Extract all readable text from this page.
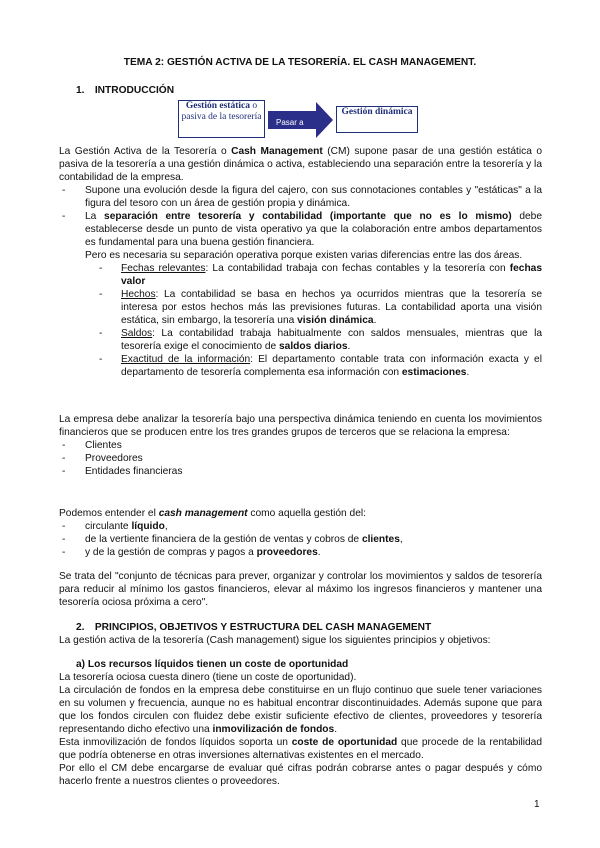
TEMA 2: GESTIÓN ACTIVA DE LA TESORERÍA. EL CASH MANAGEMENT.
1. INTRODUCCIÓN
Gestión estática o pasiva de la tesorería
Pasar a
Gestión dinámica

La Gestión Activa de la Tesorería o Cash Management (CM) supone pasar de una gestión estática o pasiva de la tesorería a una gestión dinámica o activa, estableciendo una separación entre la tesorería y la contabilidad de la empresa.

- Supone una evolución desde la figura del cajero, con sus connotaciones contables y "estáticas" a la figura del tesoro con un área de gestión propia y dinámica.
- La separación entre tesorería y contabilidad (importante que no es lo mismo) debe establecerse desde un punto de vista operativo ya que la colaboración entre ambos departamentos es fundamental para una buena gestión financiera.
Pero es necesaria su separación operativa porque existen varias diferencias entre las dos áreas.
- Fechas relevantes: La contabilidad trabaja con fechas contables y la tesorería con fechas valor
- Hechos: La contabilidad se basa en hechos ya ocurridos mientras que la tesorería se interesa por estos hechos más las previsiones futuras. La contabilidad aporta una visión estática, sin embargo, la tesorería una visión dinámica.
- Saldos: La contabilidad trabaja habitualmente con saldos mensuales, mientras que la tesorería exige el conocimiento de saldos diarios.
- Exactitud de la información: El departamento contable trata con información exacta y el departamento de tesorería complementa esa información con estimaciones.

La empresa debe analizar la tesorería bajo una perspectiva dinámica teniendo en cuenta los movimientos financieros que se producen entre los tres grandes grupos de terceros que se relaciona la empresa:

- Clientes
- Proveedores
- Entidades financieras

Podemos entender el cash management como aquella gestión del:

- circulante líquido,
- de la vertiente financiera de la gestión de ventas y cobros de clientes,
- y de la gestión de compras y pagos a proveedores.

Se trata del "conjunto de técnicas para prever, organizar y controlar los movimientos y saldos de tesorería para reducir al mínimo los gastos financieros, elevar al máximo los ingresos financieros y mantener una tesorería ociosa próxima a cero".

2. PRINCIPIOS, OBJETIVOS Y ESTRUCTURA DEL CASH MANAGEMENT

La gestión activa de la tesorería (Cash management) sigue los siguientes principios y objetivos:

a) Los recursos líquidos tienen un coste de oportunidad

La tesorería ociosa cuesta dinero (tiene un coste de oportunidad).

La circulación de fondos en la empresa debe constituirse en un flujo continuo que suele tener variaciones en su volumen y frecuencia, aunque no es habitual encontrar discontinuidades. Además supone que para que los fondos circulen con fluidez debe existir suficiente efectivo de clientes, proveedores y tesorería representando dicho efectivo una inmovilización de fondos.

Esta inmovilización de fondos líquidos soporta un coste de oportunidad que procede de la rentabilidad que podría obtenerse en otras inversiones alternativas existentes en el mercado.

Por ello el CM debe encargarse de evaluar qué cifras podrán cobrarse antes o pagar después y cómo hacerlo frente a nuestros clientes o proveedores.

1
